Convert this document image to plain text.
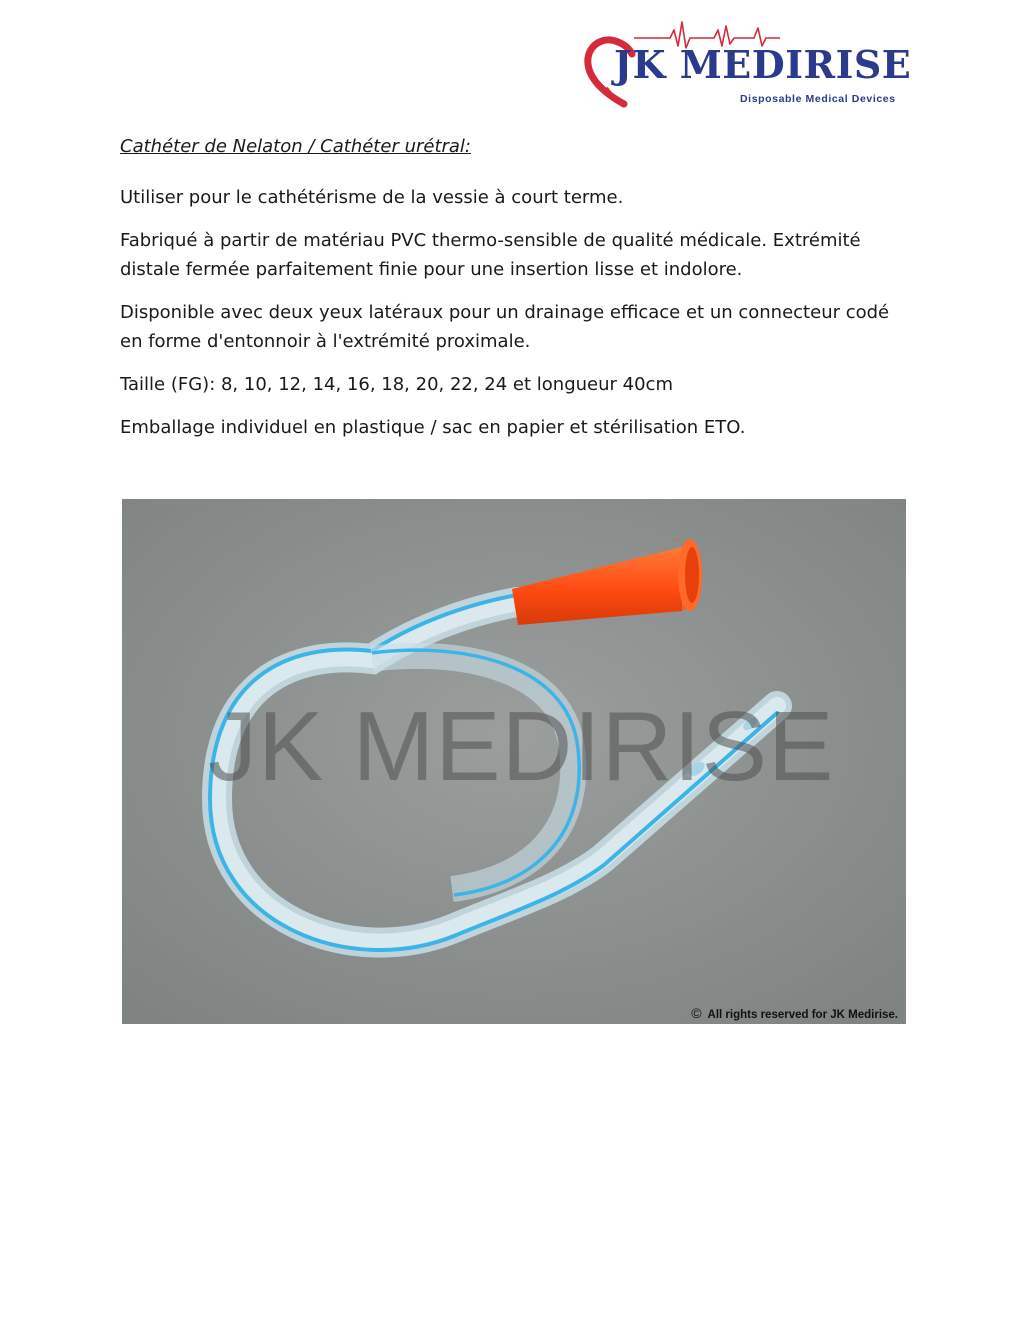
JK MEDIRISE
Disposable Medical Devices
Cathéter de Nelaton / Cathéter urétral:

Utiliser pour le cathétérisme de la vessie à court terme.

Fabriqué à partir de matériau PVC thermo-sensible de qualité médicale. Extrémité distale fermée parfaitement finie pour une insertion lisse et indolore.

Disponible avec deux yeux latéraux pour un drainage efficace et un connecteur codé en forme d'entonnoir à l'extrémité proximale.

Taille (FG): 8, 10, 12, 14, 16, 18, 20, 22, 24 et longueur 40cm

Emballage individuel en plastique / sac en papier et stérilisation ETO.

JK MEDIRISE
© All rights reserved for JK Medirise.
